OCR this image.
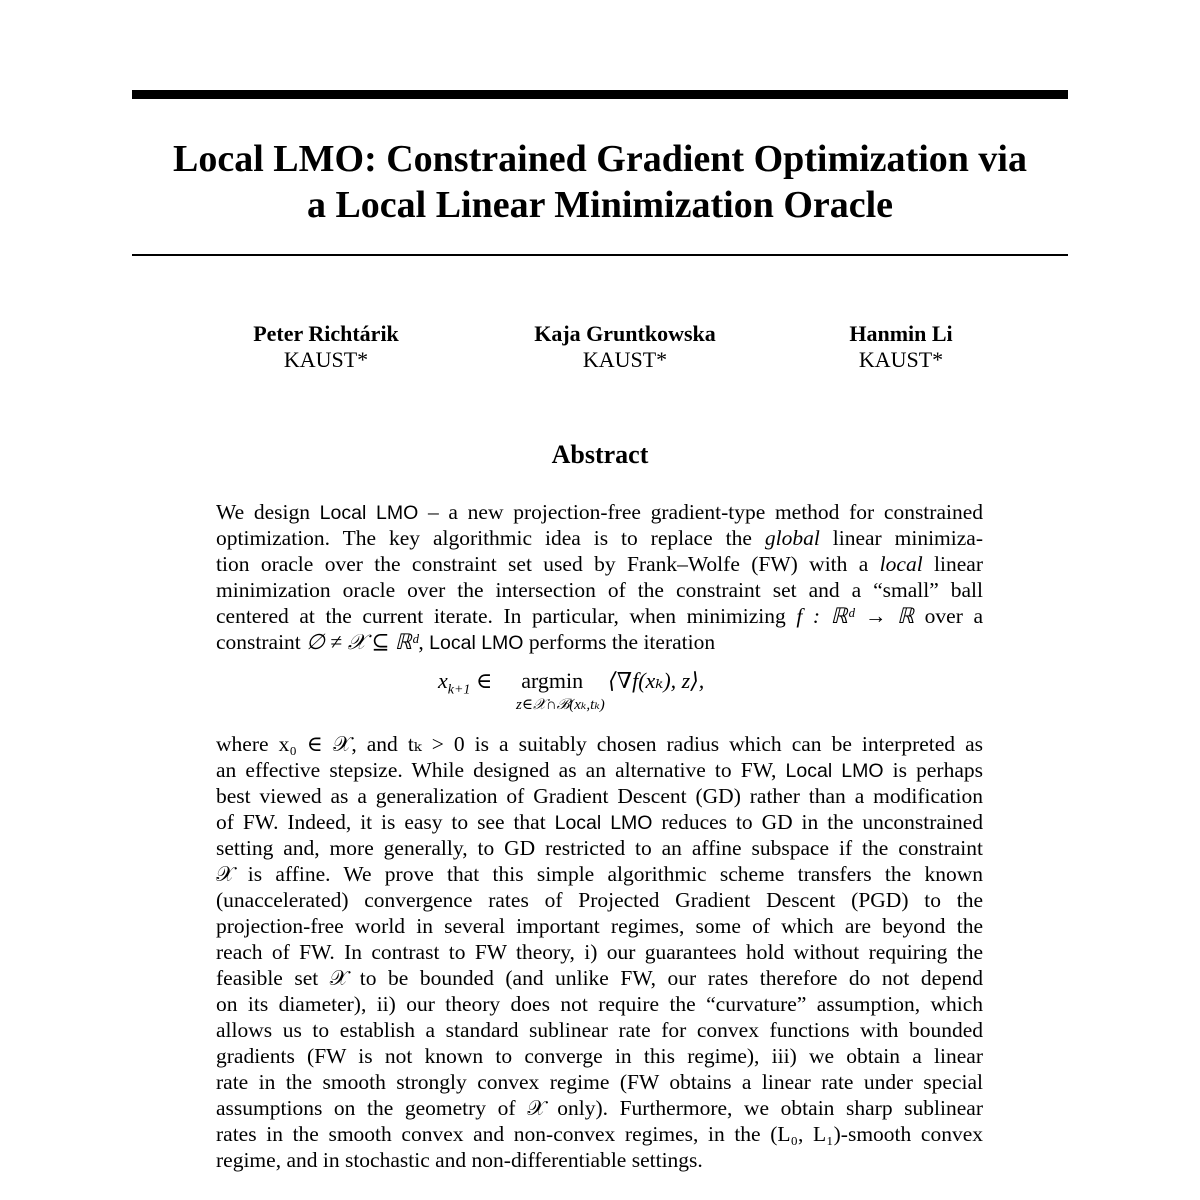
Local LMO: Constrained Gradient Optimization via
a Local Linear Minimization Oracle
Peter Richtárik
KAUST*
Kaja Gruntkowska
KAUST*
Hanmin Li
KAUST*
Abstract
We design Local LMO – a new projection-free gradient-type method for constrained
optimization. The key algorithmic idea is to replace the global linear minimiza-
tion oracle over the constraint set used by Frank–Wolfe (FW) with a local linear
minimization oracle over the intersection of the constraint set and a “small” ball
centered at the current iterate. In particular, when minimizing f : ℝᵈ → ℝ over a
constraint ∅ ≠ 𝒳 ⊆ ℝᵈ, Local LMO performs the iteration
$x_{k+1}$ ∈  argmin ⟨∇f(xₖ), z⟩,
z∈𝒳∩ℬ(xₖ,tₖ)
where x₀ ∈ 𝒳, and tₖ > 0 is a suitably chosen radius which can be interpreted as
an effective stepsize. While designed as an alternative to FW, Local LMO is perhaps
best viewed as a generalization of Gradient Descent (GD) rather than a modification
of FW. Indeed, it is easy to see that Local LMO reduces to GD in the unconstrained
setting and, more generally, to GD restricted to an affine subspace if the constraint
𝒳 is affine. We prove that this simple algorithmic scheme transfers the known
(unaccelerated) convergence rates of Projected Gradient Descent (PGD) to the
projection-free world in several important regimes, some of which are beyond the
reach of FW. In contrast to FW theory, i) our guarantees hold without requiring the
feasible set 𝒳 to be bounded (and unlike FW, our rates therefore do not depend
on its diameter), ii) our theory does not require the “curvature” assumption, which
allows us to establish a standard sublinear rate for convex functions with bounded
gradients (FW is not known to converge in this regime), iii) we obtain a linear
rate in the smooth strongly convex regime (FW obtains a linear rate under special
assumptions on the geometry of 𝒳 only). Furthermore, we obtain sharp sublinear
rates in the smooth convex and non-convex regimes, in the (L₀, L₁)-smooth convex
regime, and in stochastic and non-differentiable settings.
